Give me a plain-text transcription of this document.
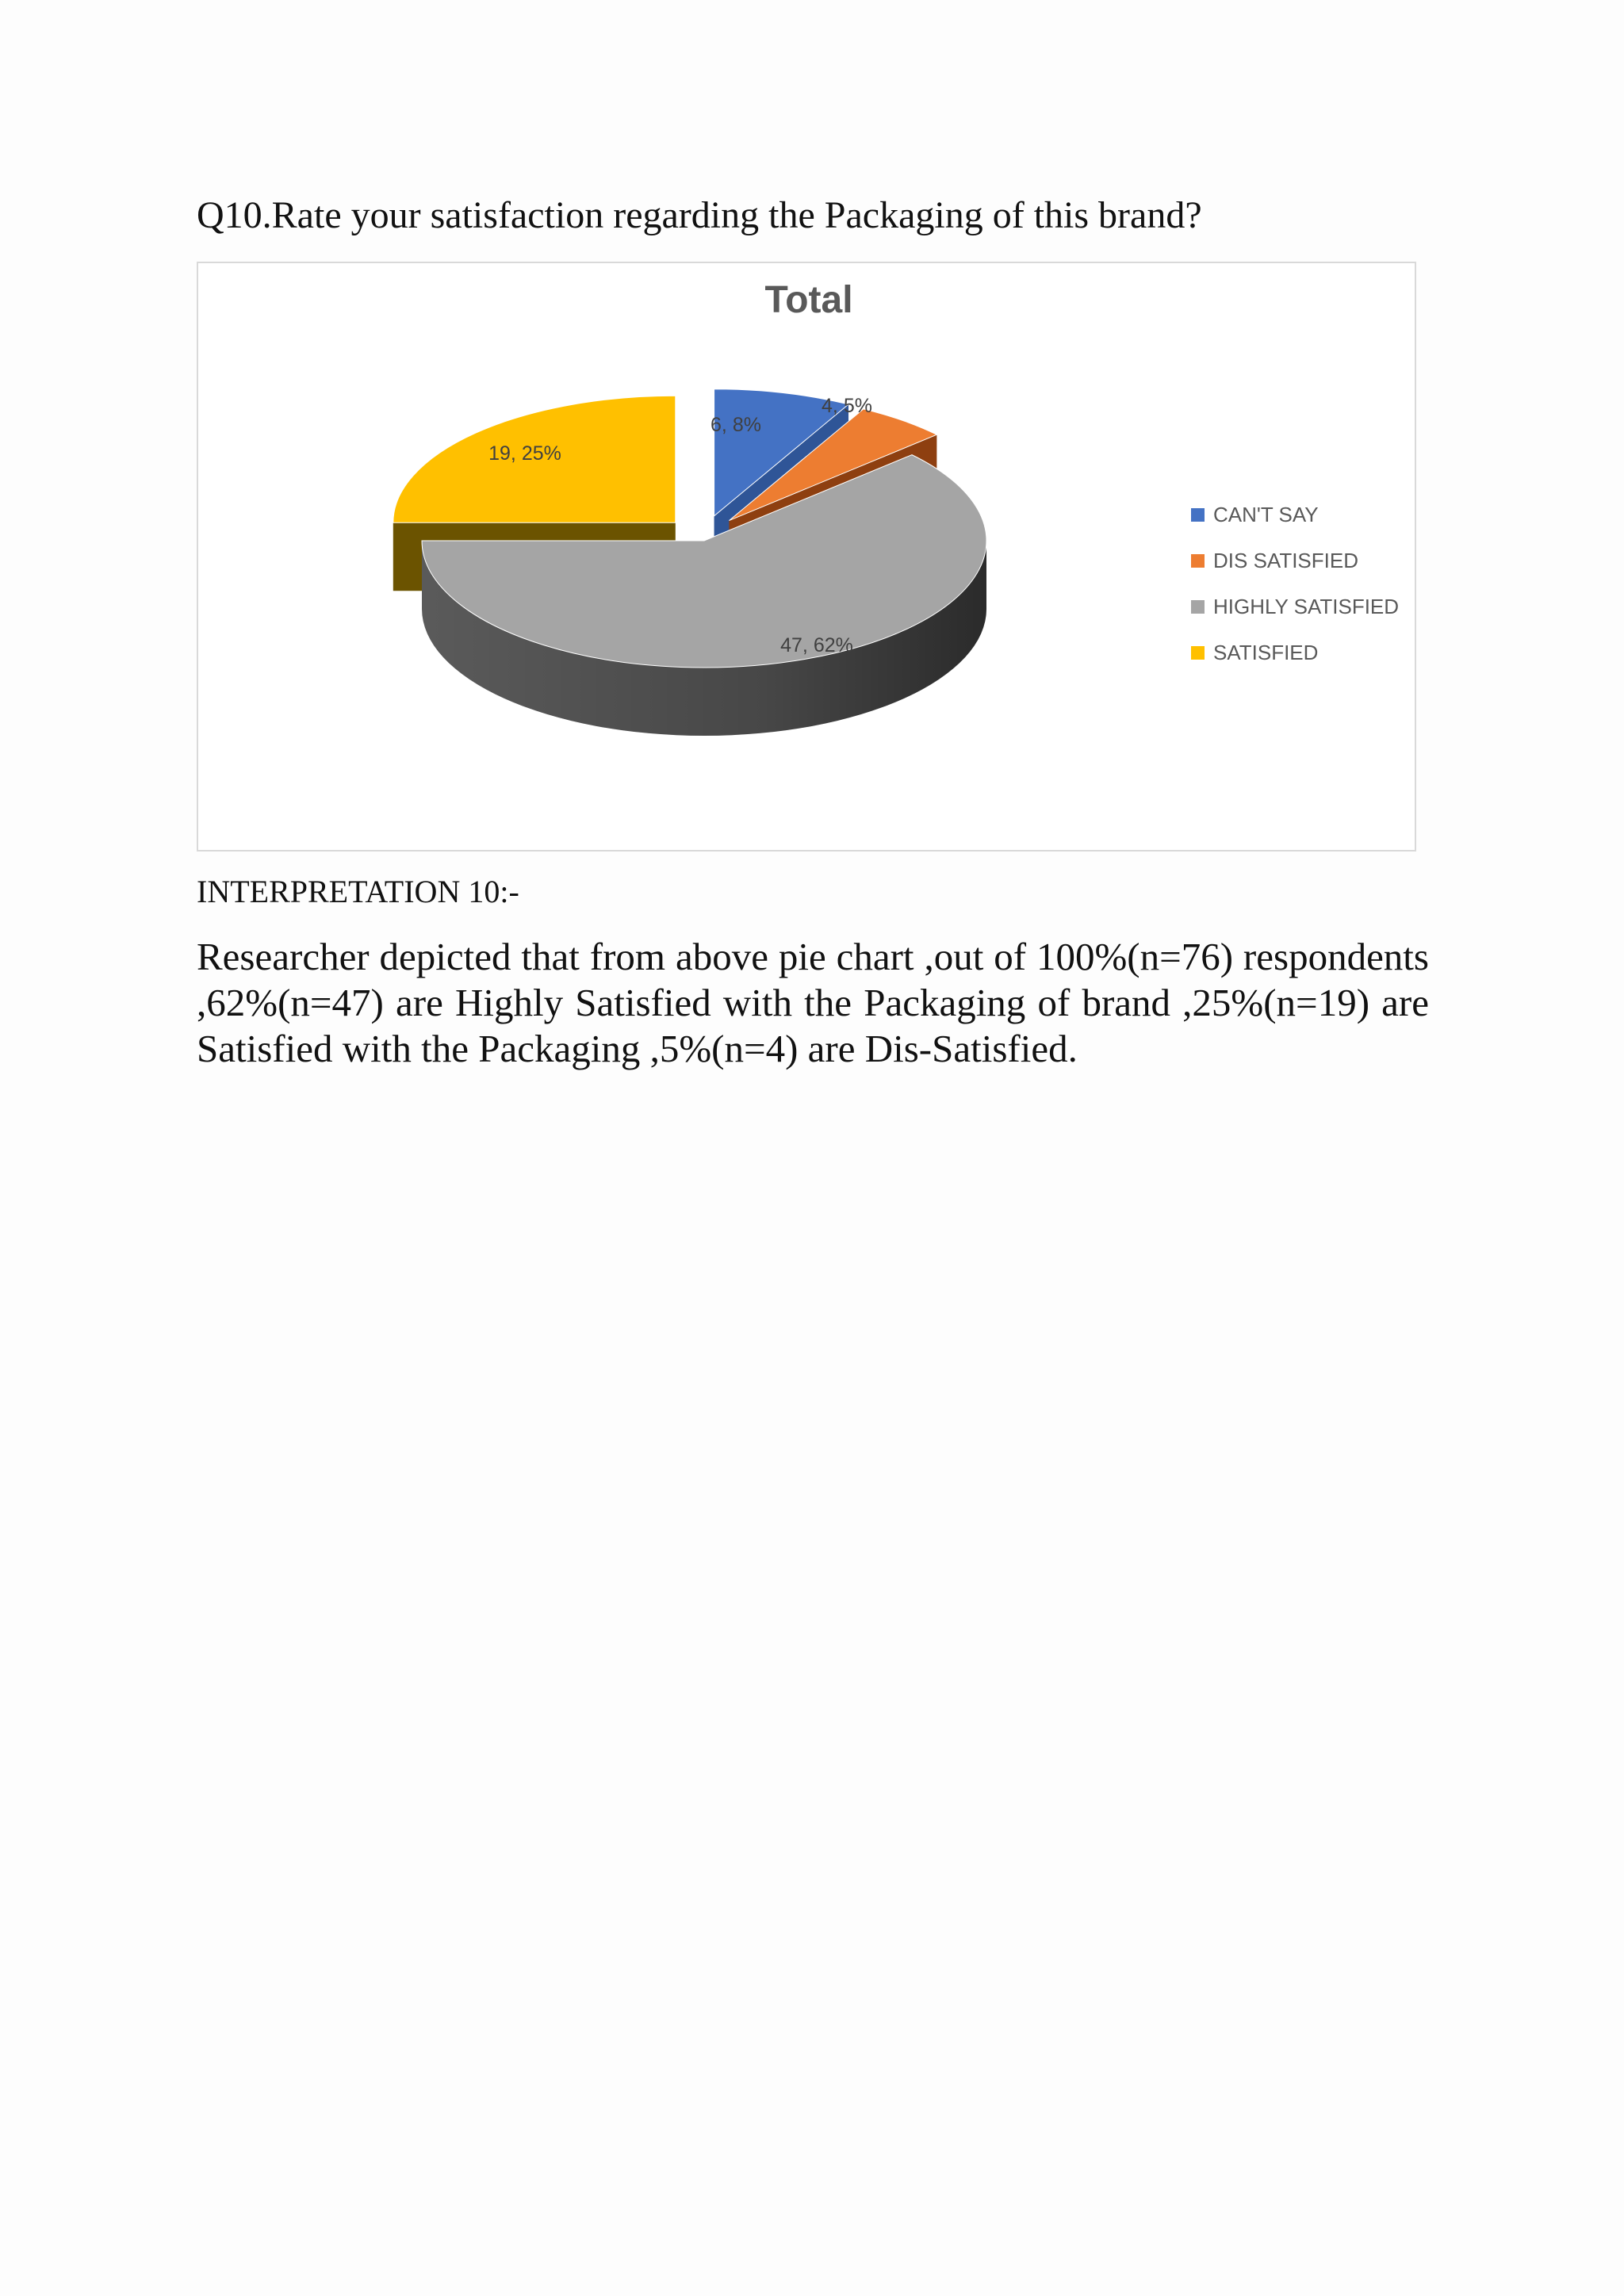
Q10.Rate your satisfaction regarding the Packaging of this brand?
Total
6, 8%
4, 5%
47, 62%
19, 25%
CAN'T SAY
DIS SATISFIED
HIGHLY SATISFIED
SATISFIED

INTERPRETATION 10:-

Researcher depicted that from above pie chart ,out of 100%(n=76) respondents ,62%(n=47) are Highly Satisfied with the Packaging of brand ,25%(n=19) are Satisfied with the Packaging ,5%(n=4) are Dis-Satisfied.
